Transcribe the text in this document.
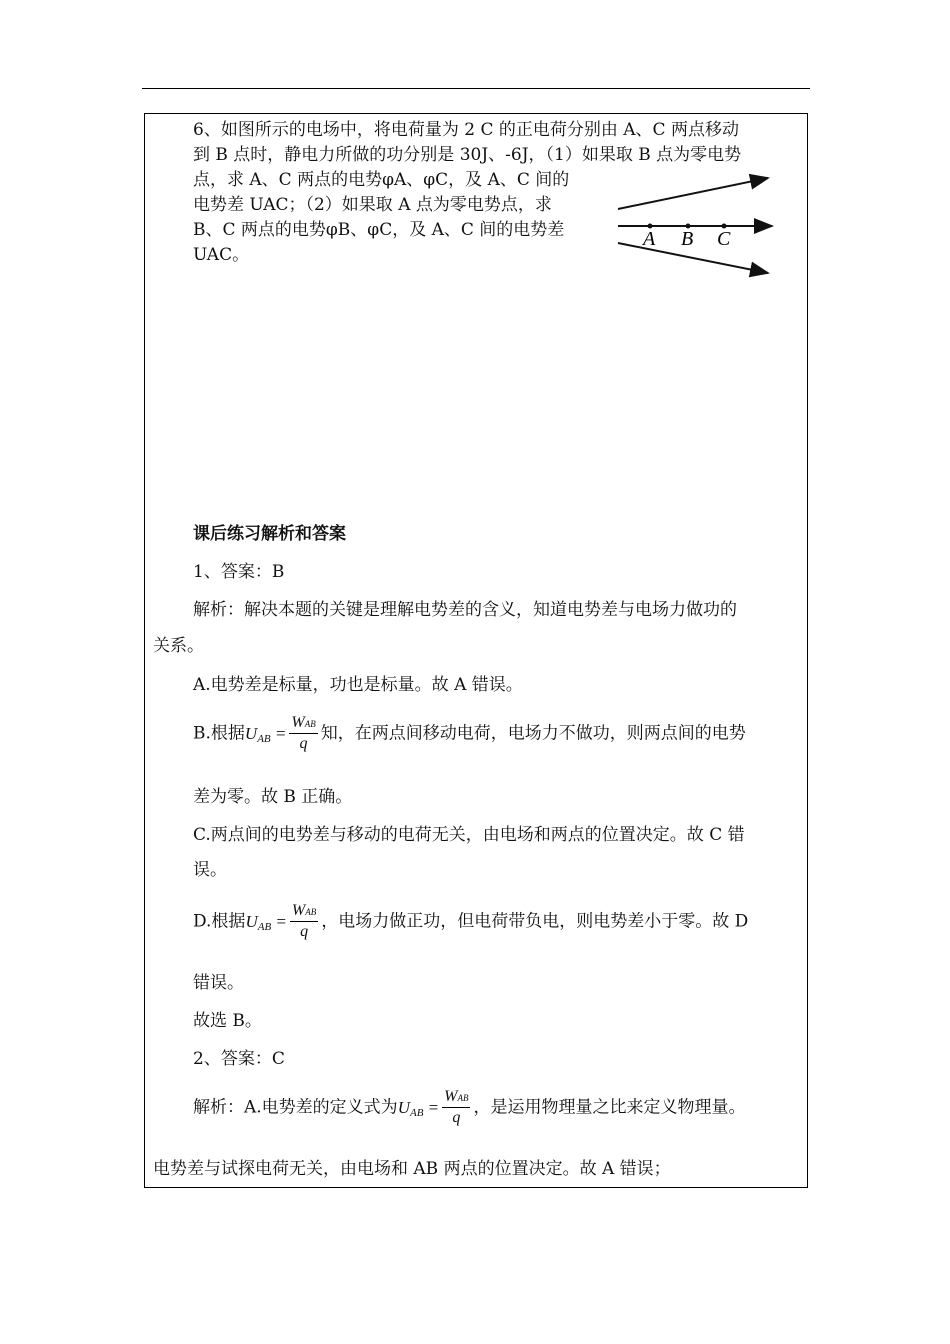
6、如图所示的电场中，将电荷量为 2 C 的正电荷分别由 A、C 两点移动
到 B 点时，静电力所做的功分别是 30J、-6J，（1）如果取 B 点为零电势
点，求 A、C 两点的电势φA、φC，及 A、C 间的
电势差 UAC；（2）如果取 A 点为零电势点，求
B、C 两点的电势φB、φC，及 A、C 间的电势差
UAC。
A B C
课后练习解析和答案
1、答案：B
解析：解决本题的关键是理解电势差的含义，知道电势差与电场力做功的
关系。
A.电势差是标量，功也是标量。故 A 错误。
B.根据$U_{AB} = \frac{\text{WAB}}{q}$ 知，在两点间移动电荷，电场力不做功，则两点间的电势
差为零。故 B 正确。
C.两点间的电势差与移动的电荷无关，由电场和两点的位置决定。故 C 错
误。
D.根据$U_{AB} = \frac{\text{WAB}}{q}$ ，电场力做正功，但电荷带负电，则电势差小于零。故 D
错误。
故选 B。
2、答案：C
解析：A.电势差的定义式为$U_{AB} = \frac{\text{WAB}}{q}$ ，是运用物理量之比来定义物理量。
电势差与试探电荷无关，由电场和 AB 两点的位置决定。故 A 错误；
